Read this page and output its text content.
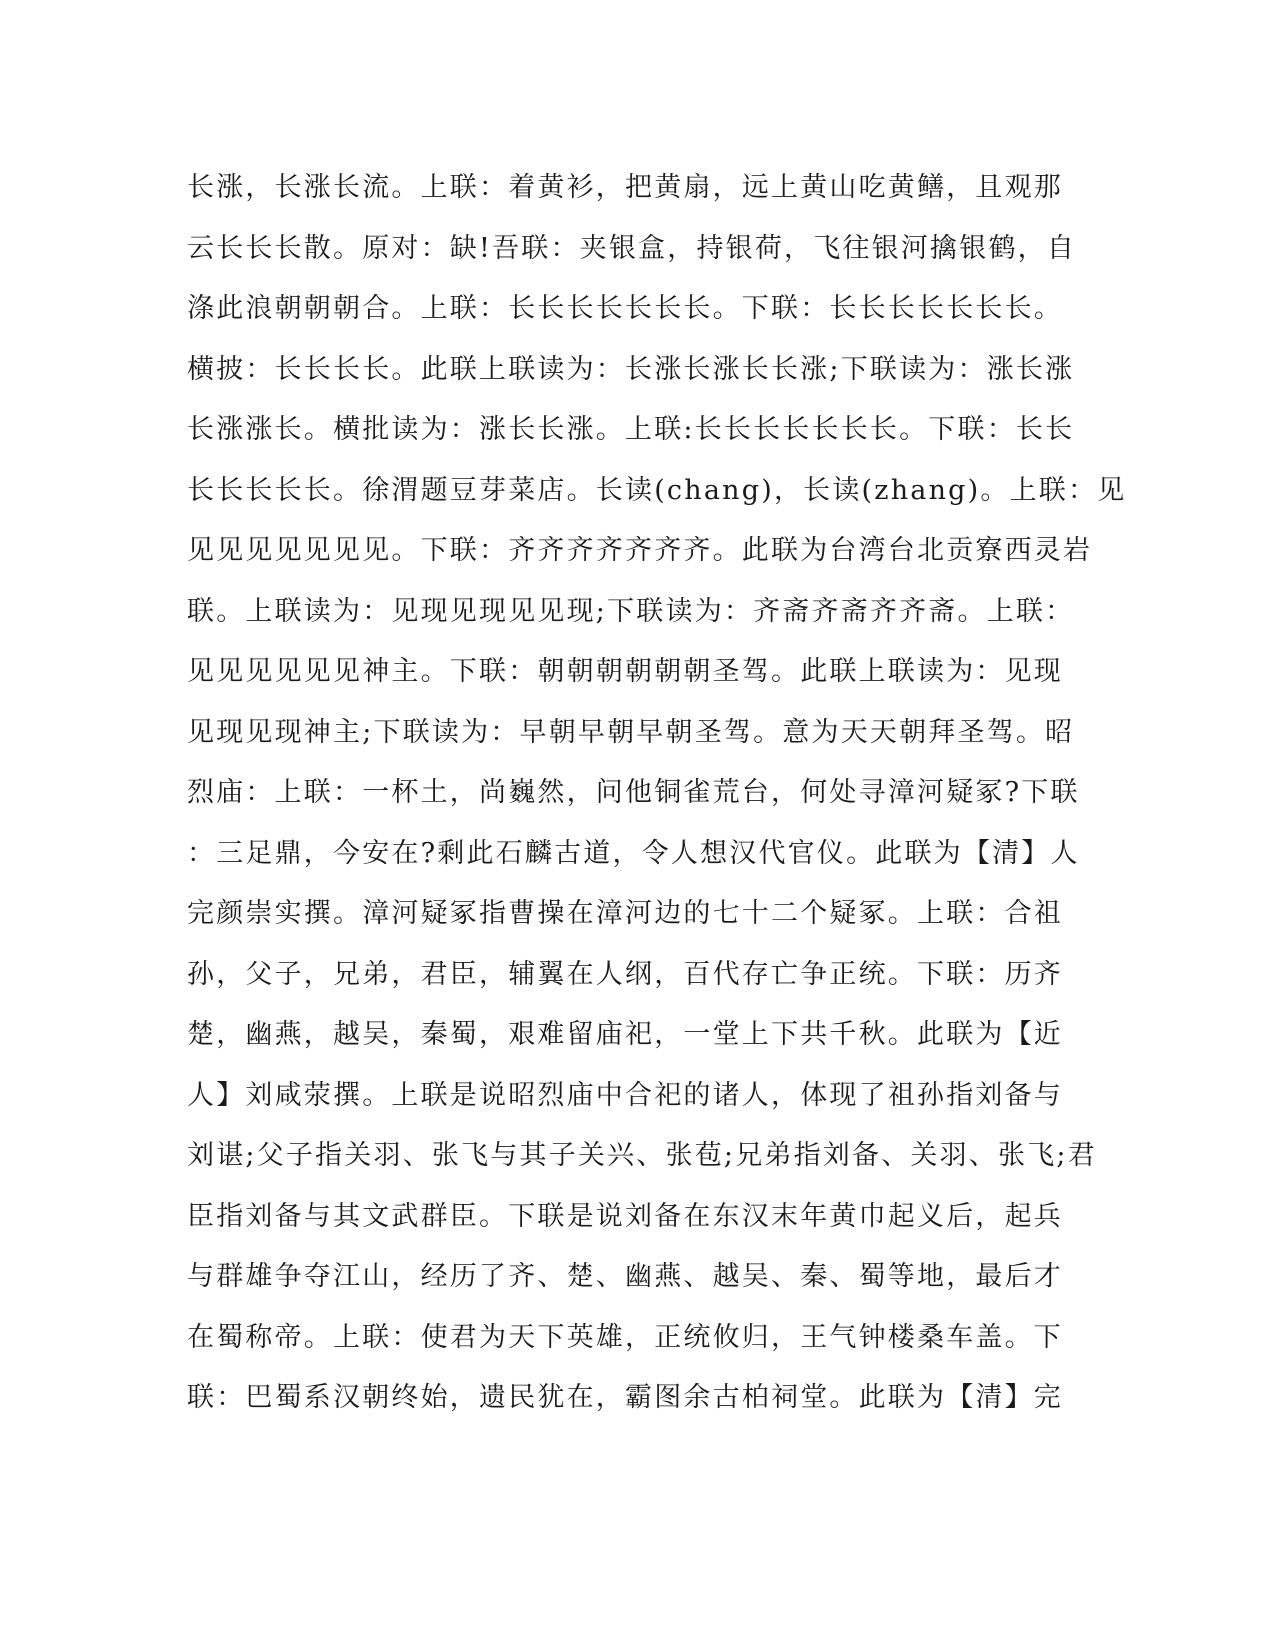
长涨，长涨长流。上联：着黄衫，把黄扇，远上黄山吃黄鳝，且观那
云长长长散。原对：缺!吾联：夹银盒，持银荷，飞往银河擒银鹤，自
涤此浪朝朝朝合。上联：长长长长长长长。下联：长长长长长长长。
横披：长长长长。此联上联读为：长涨长涨长长涨;下联读为：涨长涨
长涨涨长。横批读为：涨长长涨。上联:长长长长长长长。下联：长长
长长长长长。徐渭题豆芽菜店。长读(chang)，长读(zhang)。上联：见
见见见见见见见。下联：齐齐齐齐齐齐齐。此联为台湾台北贡寮西灵岩
联。上联读为：见现见现见见现;下联读为：齐斋齐斋齐齐斋。上联：
见见见见见见神主。下联：朝朝朝朝朝朝圣驾。此联上联读为：见现
见现见现神主;下联读为：早朝早朝早朝圣驾。意为天天朝拜圣驾。昭
烈庙：上联：一杯土，尚巍然，问他铜雀荒台，何处寻漳河疑冢?下联
：三足鼎，今安在?剩此石麟古道，令人想汉代官仪。此联为【清】人
完颜崇实撰。漳河疑冢指曹操在漳河边的七十二个疑冢。上联：合祖
孙，父子，兄弟，君臣，辅翼在人纲，百代存亡争正统。下联：历齐
楚，幽燕，越吴，秦蜀，艰难留庙祀，一堂上下共千秋。此联为【近
人】刘咸荥撰。上联是说昭烈庙中合祀的诸人，体现了祖孙指刘备与
刘谌;父子指关羽、张飞与其子关兴、张苞;兄弟指刘备、关羽、张飞;君
臣指刘备与其文武群臣。下联是说刘备在东汉末年黄巾起义后，起兵
与群雄争夺江山，经历了齐、楚、幽燕、越吴、秦、蜀等地，最后才
在蜀称帝。上联：使君为天下英雄，正统攸归，王气钟楼桑车盖。下
联：巴蜀系汉朝终始，遗民犹在，霸图余古柏祠堂。此联为【清】完
